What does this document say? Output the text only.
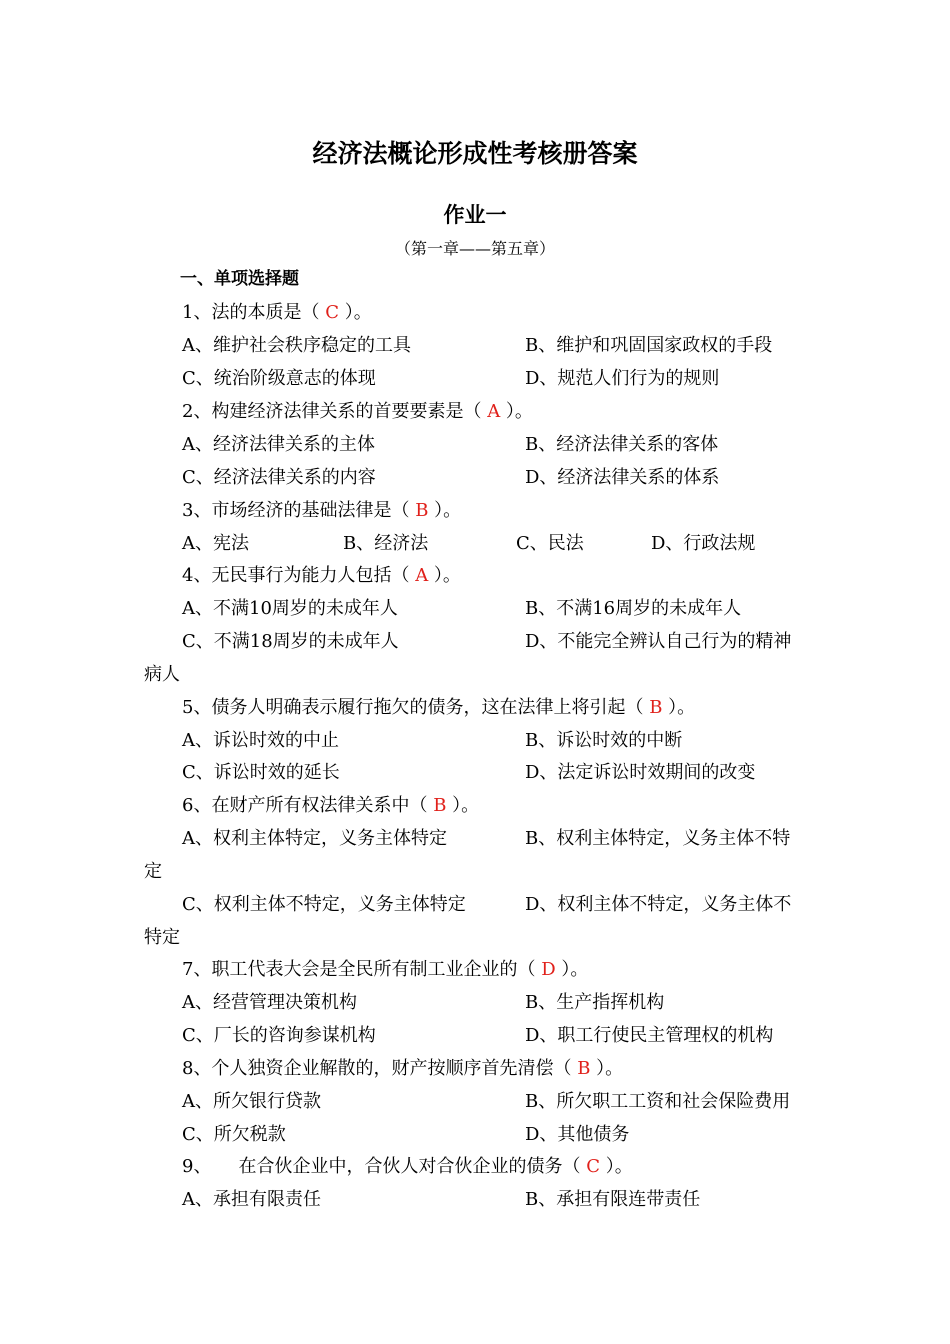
经济法概论形成性考核册答案
作业一
（第一章——第五章）
一、单项选择题
1、法的本质是（ C ）。
A、维护社会秩序稳定的工具	B、维护和巩固国家政权的手段
C、统治阶级意志的体现	D、规范人们行为的规则
2、构建经济法律关系的首要要素是（ A ）。
A、经济法律关系的主体	B、经济法律关系的客体
C、经济法律关系的内容	D、经济法律关系的体系
3、市场经济的基础法律是（ B ）。
A、宪法	B、经济法	C、民法	D、行政法规
4、无民事行为能力人包括（ A ）。
A、不满10周岁的未成年人	B、不满16周岁的未成年人
C、不满18周岁的未成年人	D、不能完全辨认自己行为的精神
病人
5、债务人明确表示履行拖欠的债务，这在法律上将引起（ B ）。
A、诉讼时效的中止	B、诉讼时效的中断
C、诉讼时效的延长	D、法定诉讼时效期间的改变
6、在财产所有权法律关系中（ B ）。
A、权利主体特定，义务主体特定	B、权利主体特定，义务主体不特
定
C、权利主体不特定，义务主体特定	D、权利主体不特定，义务主体不
特定
7、职工代表大会是全民所有制工业企业的（ D ）。
A、经营管理决策机构	B、生产指挥机构
C、厂长的咨询参谋机构	D、职工行使民主管理权的机构
8、个人独资企业解散的，财产按顺序首先清偿（ B ）。
A、所欠银行贷款	B、所欠职工工资和社会保险费用
C、所欠税款	D、其他债务
9、　　在合伙企业中，合伙人对合伙企业的债务（ C ）。
A、承担有限责任	B、承担有限连带责任
